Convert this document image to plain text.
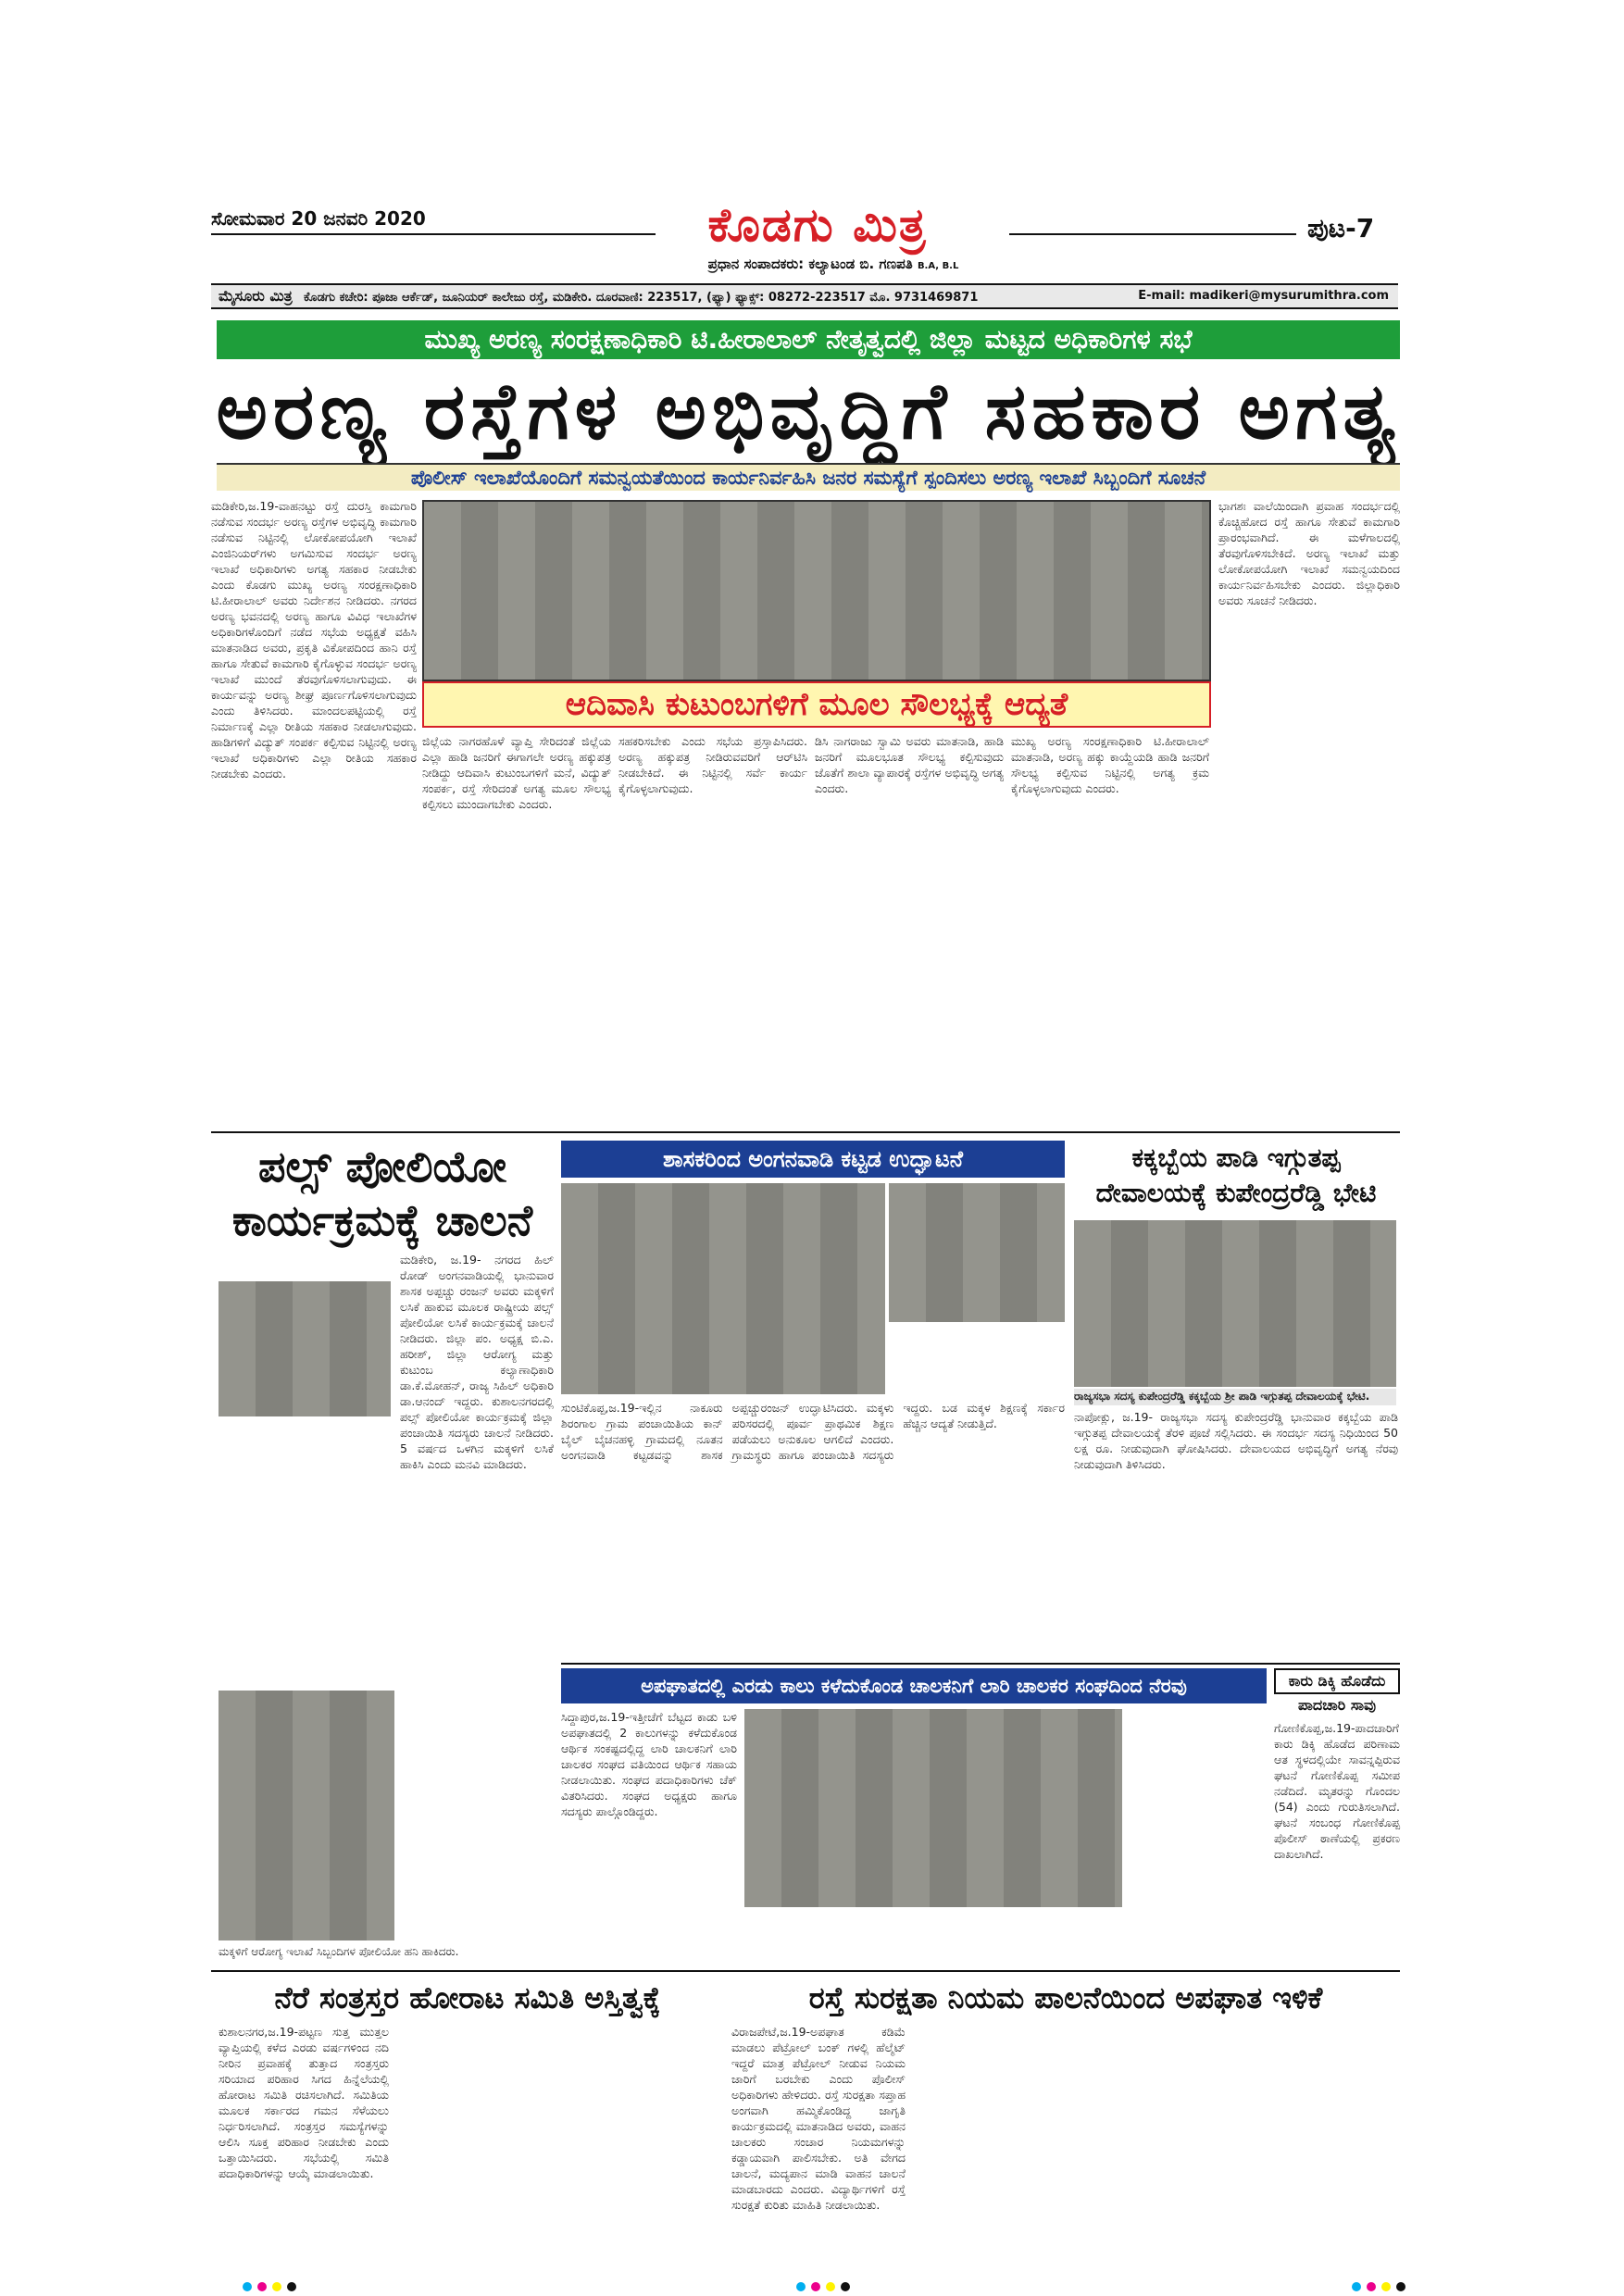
ಸೋಮವಾರ 20 ಜನವರಿ 2020	ಕೊಡಗು ಮಿತ್ರ	ಪುಟ-7
ಪ್ರಧಾನ ಸಂಪಾದಕರು: ಕಲ್ಯಾಟಂಡ ಬಿ. ಗಣಪತಿ B.A, B.L
ಮೈಸೂರು ಮಿತ್ರ ಕೊಡಗು ಕಚೇರಿ: ಪೂಜಾ ಆರ್ಕೆಡ್, ಜೂನಿಯರ್ ಕಾಲೇಜು ರಸ್ತೆ, ಮಡಿಕೇರಿ. ದೂರವಾಣಿ: 223517, (ಫ್ಯಾ) ಫ್ಯಾಕ್ಸ್: 08272-223517 ಮೊ. 9731469871	E-mail: madikeri@mysurumithra.com
ಮುಖ್ಯ ಅರಣ್ಯ ಸಂರಕ್ಷಣಾಧಿಕಾರಿ ಟಿ.ಹೀರಾಲಾಲ್ ನೇತೃತ್ವದಲ್ಲಿ ಜಿಲ್ಲಾ ಮಟ್ಟದ ಅಧಿಕಾರಿಗಳ ಸಭೆ
ಅರಣ್ಯ ರಸ್ತೆಗಳ ಅಭಿವೃದ್ಧಿಗೆ ಸಹಕಾರ ಅಗತ್ಯ
ಪೊಲೀಸ್ ಇಲಾಖೆಯೊಂದಿಗೆ ಸಮನ್ವಯತೆಯಿಂದ ಕಾರ್ಯನಿರ್ವಹಿಸಿ ಜನರ ಸಮಸ್ಯೆಗೆ ಸ್ಪಂದಿಸಲು ಅರಣ್ಯ ಇಲಾಖೆ ಸಿಬ್ಬಂದಿಗೆ ಸೂಚನೆ
ಮಡಿಕೇರಿ,ಜ.19-ವಾಹನಟ್ಟು ರಸ್ತೆ ದುರಸ್ತಿ ಕಾಮಗಾರಿ ನಡೆಸುವ ಸಂದರ್ಭ ಅರಣ್ಯ ರಸ್ತೆಗಳ ಅಭಿವೃದ್ಧಿ ಕಾಮಗಾರಿ ನಡೆಸುವ ನಿಟ್ಟಿನಲ್ಲಿ ಲೋಕೋಪಯೋಗಿ ಇಲಾಖೆ ಎಂಜಿನಿಯರ್‌ಗಳು ಅಗಮಿಸುವ ಸಂದರ್ಭ ಅರಣ್ಯ ಇಲಾಖೆ ಅಧಿಕಾರಿಗಳು ಅಗತ್ಯ ಸಹಕಾರ ನೀಡಬೇಕು ಎಂದು ಕೊಡಗು ಮುಖ್ಯ ಅರಣ್ಯ ಸಂರಕ್ಷಣಾಧಿಕಾರಿ ಟಿ.ಹೀರಾಲಾಲ್ ಅವರು ನಿರ್ದೇಶನ ನೀಡಿದರು. ನಗರದ ಅರಣ್ಯ ಭವನದಲ್ಲಿ ಅರಣ್ಯ ಹಾಗೂ ವಿವಿಧ ಇಲಾಖೆಗಳ ಅಧಿಕಾರಿಗಳೊಂದಿಗೆ ನಡೆದ ಸಭೆಯ ಅಧ್ಯಕ್ಷತೆ ವಹಿಸಿ ಮಾತನಾಡಿದ ಅವರು, ಪ್ರಕೃತಿ ವಿಕೋಪದಿಂದ ಹಾನಿ ರಸ್ತೆ ಹಾಗೂ ಸೇತುವೆ ಕಾಮಗಾರಿ ಕೈಗೊಳ್ಳುವ ಸಂದರ್ಭ ಅರಣ್ಯ ಇಲಾಖೆ ಮುಂದೆ ತೆರವುಗೊಳಿಸಲಾಗುವುದು. ಈ ಕಾರ್ಯವನ್ನು ಅರಣ್ಯ ಶೀಘ್ರ ಪೂರ್ಣಗೊಳಿಸಲಾಗುವುದು ಎಂದು ತಿಳಿಸಿದರು. ಮಾಂದಲಪಟ್ಟಿಯಲ್ಲಿ ರಸ್ತೆ ನಿರ್ಮಾಣಕ್ಕೆ ಎಲ್ಲಾ ರೀತಿಯ ಸಹಕಾರ ನೀಡಲಾಗುವುದು. ಹಾಡಿಗಳಿಗೆ ವಿದ್ಯುತ್ ಸಂಪರ್ಕ ಕಲ್ಪಿಸುವ ನಿಟ್ಟಿನಲ್ಲಿ ಅರಣ್ಯ ಇಲಾಖೆ ಅಧಿಕಾರಿಗಳು ಎಲ್ಲಾ ರೀತಿಯ ಸಹಕಾರ ನೀಡಬೇಕು ಎಂದರು.
ಭಾಗಶಃ ವಾಲೆಯಿಂದಾಗಿ ಪ್ರವಾಹ ಸಂದರ್ಭದಲ್ಲಿ ಕೊಚ್ಚಿಹೋದ ರಸ್ತೆ ಹಾಗೂ ಸೇತುವೆ ಕಾಮಗಾರಿ ಪ್ರಾರಂಭವಾಗಿದೆ. ಈ ಮಳೆಗಾಲದಲ್ಲಿ ತೆರವುಗೊಳಿಸಬೇಕಿದೆ. ಅರಣ್ಯ ಇಲಾಖೆ ಮತ್ತು ಲೋಕೋಪಯೋಗಿ ಇಲಾಖೆ ಸಮನ್ವಯದಿಂದ ಕಾರ್ಯನಿರ್ವಹಿಸಬೇಕು ಎಂದರು. ಜಿಲ್ಲಾಧಿಕಾರಿ ಅವರು ಸೂಚನೆ ನೀಡಿದರು.
ಆದಿವಾಸಿ ಕುಟುಂಬಗಳಿಗೆ ಮೂಲ ಸೌಲಭ್ಯಕ್ಕೆ ಆದ್ಯತೆ
ಜಿಲ್ಲೆಯ ನಾಗರಹೊಳೆ ವ್ಯಾಪ್ತಿ ಸೇರಿದಂತೆ ಜಿಲ್ಲೆಯ ಎಲ್ಲಾ ಹಾಡಿ ಜನರಿಗೆ ಈಗಾಗಲೇ ಅರಣ್ಯ ಹಕ್ಕುಪತ್ರ ನೀಡಿದ್ದು ಆದಿವಾಸಿ ಕುಟುಂಬಗಳಿಗೆ ಮನೆ, ವಿದ್ಯುತ್ ಸಂಪರ್ಕ, ರಸ್ತೆ ಸೇರಿದಂತೆ ಅಗತ್ಯ ಮೂಲ ಸೌಲಭ್ಯ ಕಲ್ಪಿಸಲು ಮುಂದಾಗಬೇಕು ಎಂದರು.
ಸಹಕರಿಸಬೇಕು ಎಂದು ಸಭೆಯ ಪ್ರಸ್ತಾಪಿಸಿದರು. ಅರಣ್ಯ ಹಕ್ಕುಪತ್ರ ನೀಡಿರುವವರಿಗೆ ಆರ್‌ಟಿಸಿ ನೀಡಬೇಕಿದೆ. ಈ ನಿಟ್ಟಿನಲ್ಲಿ ಸರ್ವೆ ಕಾರ್ಯ ಕೈಗೊಳ್ಳಲಾಗುವುದು.
ಡಿಸಿ ನಾಗರಾಜು ಸ್ವಾಮಿ ಅವರು ಮಾತನಾಡಿ, ಹಾಡಿ ಜನರಿಗೆ ಮೂಲಭೂತ ಸೌಲಭ್ಯ ಕಲ್ಪಿಸುವುದು ಜೊತೆಗೆ ಶಾಲಾ ವ್ಯಾಪಾರಕ್ಕೆ ರಸ್ತೆಗಳ ಅಭಿವೃದ್ಧಿ ಅಗತ್ಯ ಎಂದರು.
ಮುಖ್ಯ ಅರಣ್ಯ ಸಂರಕ್ಷಣಾಧಿಕಾರಿ ಟಿ.ಹೀರಾಲಾಲ್ ಮಾತನಾಡಿ, ಅರಣ್ಯ ಹಕ್ಕು ಕಾಯ್ದೆಯಡಿ ಹಾಡಿ ಜನರಿಗೆ ಸೌಲಭ್ಯ ಕಲ್ಪಿಸುವ ನಿಟ್ಟಿನಲ್ಲಿ ಅಗತ್ಯ ಕ್ರಮ ಕೈಗೊಳ್ಳಲಾಗುವುದು ಎಂದರು.
ಪಲ್ಸ್ ಪೋಲಿಯೋ
ಕಾರ್ಯಕ್ರಮಕ್ಕೆ ಚಾಲನೆ
ಮಡಿಕೇರಿ, ಜ.19- ನಗರದ ಹಿಲ್ ರೋಡ್ ಅಂಗನವಾಡಿಯಲ್ಲಿ ಭಾನುವಾರ ಶಾಸಕ ಅಪ್ಪಚ್ಚು ರಂಜನ್ ಅವರು ಮಕ್ಕಳಿಗೆ ಲಸಿಕೆ ಹಾಕುವ ಮೂಲಕ ರಾಷ್ಟ್ರೀಯ ಪಲ್ಸ್ ಪೋಲಿಯೋ ಲಸಿಕೆ ಕಾರ್ಯಕ್ರಮಕ್ಕೆ ಚಾಲನೆ ನೀಡಿದರು. ಜಿಲ್ಲಾ ಪಂ. ಅಧ್ಯಕ್ಷ ಬಿ.ಎ. ಹರೀಶ್, ಜಿಲ್ಲಾ ಆರೋಗ್ಯ ಮತ್ತು ಕುಟುಂಬ ಕಲ್ಯಾಣಾಧಿಕಾರಿ ಡಾ.ಕೆ.ಮೋಹನ್, ರಾಜ್ಯ ಸಿಹಿಲ್ ಅಧಿಕಾರಿ ಡಾ.ಆನಂದ್ ಇದ್ದರು. ಕುಶಾಲನಗರದಲ್ಲಿ ಪಲ್ಸ್ ಪೋಲಿಯೋ ಕಾರ್ಯಕ್ರಮಕ್ಕೆ ಜಿಲ್ಲಾ ಪಂಚಾಯಿತಿ ಸದಸ್ಯರು ಚಾಲನೆ ನೀಡಿದರು. 5 ವರ್ಷದ ಒಳಗಿನ ಮಕ್ಕಳಿಗೆ ಲಸಿಕೆ ಹಾಕಿಸಿ ಎಂದು ಮನವಿ ಮಾಡಿದರು.
ಮಕ್ಕಳಿಗೆ ಆರೋಗ್ಯ ಇಲಾಖೆ ಸಿಬ್ಬಂದಿಗಳ ಪೋಲಿಯೋ ಹನಿ ಹಾಕಿದರು.
ಶಾಸಕರಿಂದ ಅಂಗನವಾಡಿ ಕಟ್ಟಡ ಉದ್ಘಾಟನೆ
ಸುಂಟಿಕೊಪ್ಪ,ಜ.19-ಇಲ್ಲಿನ ನಾಕೂರು ಶಿರಂಗಾಲ ಗ್ರಾಮ ಪಂಚಾಯಿತಿಯ ಕಾನ್ ಬೈಲ್ ಬೈಚನಹಳ್ಳಿ ಗ್ರಾಮದಲ್ಲಿ ನೂತನ ಅಂಗನವಾಡಿ ಕಟ್ಟಡವನ್ನು ಶಾಸಕ ಅಪ್ಪಚ್ಚುರಂಜನ್ ಉದ್ಘಾಟಿಸಿದರು. ಮಕ್ಕಳು ಪರಿಸರದಲ್ಲಿ ಪೂರ್ವ ಪ್ರಾಥಮಿಕ ಶಿಕ್ಷಣ ಪಡೆಯಲು ಅನುಕೂಲ ಆಗಲಿದೆ ಎಂದರು. ಗ್ರಾಮಸ್ಥರು ಹಾಗೂ ಪಂಚಾಯಿತಿ ಸದಸ್ಯರು ಇದ್ದರು. ಬಡ ಮಕ್ಕಳ ಶಿಕ್ಷಣಕ್ಕೆ ಸರ್ಕಾರ ಹೆಚ್ಚಿನ ಆದ್ಯತೆ ನೀಡುತ್ತಿದೆ.
ಕಕ್ಕಬ್ಬೆಯ ಪಾಡಿ ಇಗ್ಗುತಪ್ಪ
ದೇವಾಲಯಕ್ಕೆ ಕುಪೇಂದ್ರರೆಡ್ಡಿ ಭೇಟಿ
ರಾಜ್ಯಸಭಾ ಸದಸ್ಯ ಕುಪೇಂದ್ರರೆಡ್ಡಿ ಕಕ್ಕಬ್ಬೆಯ ಶ್ರೀ ಪಾಡಿ ಇಗ್ಗುತಪ್ಪ ದೇವಾಲಯಕ್ಕೆ ಭೇಟಿ.
ನಾಪೋಕ್ಲು, ಜ.19- ರಾಜ್ಯಸಭಾ ಸದಸ್ಯ ಕುಪೇಂದ್ರರೆಡ್ಡಿ ಭಾನುವಾರ ಕಕ್ಕಬ್ಬೆಯ ಪಾಡಿ ಇಗ್ಗುತಪ್ಪ ದೇವಾಲಯಕ್ಕೆ ತೆರಳಿ ಪೂಜೆ ಸಲ್ಲಿಸಿದರು. ಈ ಸಂದರ್ಭ ಸದಸ್ಯ ನಿಧಿಯಿಂದ 50 ಲಕ್ಷ ರೂ. ನೀಡುವುದಾಗಿ ಘೋಷಿಸಿದರು. ದೇವಾಲಯದ ಅಭಿವೃದ್ಧಿಗೆ ಅಗತ್ಯ ನೆರವು ನೀಡುವುದಾಗಿ ತಿಳಿಸಿದರು.
ಅಪಘಾತದಲ್ಲಿ ಎರಡು ಕಾಲು ಕಳೆದುಕೊಂಡ ಚಾಲಕನಿಗೆ ಲಾರಿ ಚಾಲಕರ ಸಂಘದಿಂದ ನೆರವು
ಸಿದ್ದಾಪುರ,ಜ.19-ಇತ್ತೀಚೆಗೆ ಬೆಟ್ಟದ ಕಾಡು ಬಳಿ ಅಪಘಾತದಲ್ಲಿ 2 ಕಾಲುಗಳನ್ನು ಕಳೆದುಕೊಂಡ ಆರ್ಥಿಕ ಸಂಕಷ್ಟದಲ್ಲಿದ್ದ ಲಾರಿ ಚಾಲಕನಿಗೆ ಲಾರಿ ಚಾಲಕರ ಸಂಘದ ವತಿಯಿಂದ ಆರ್ಥಿಕ ಸಹಾಯ ನೀಡಲಾಯಿತು. ಸಂಘದ ಪದಾಧಿಕಾರಿಗಳು ಚೆಕ್ ವಿತರಿಸಿದರು. ಸಂಘದ ಅಧ್ಯಕ್ಷರು ಹಾಗೂ ಸದಸ್ಯರು ಪಾಲ್ಗೊಂಡಿದ್ದರು.
ಕಾರು ಡಿಕ್ಕಿ ಹೊಡೆದು
ಪಾದಚಾರಿ ಸಾವು
ಗೋಣಿಕೊಪ್ಪ,ಜ.19-ಪಾದಚಾರಿಗೆ ಕಾರು ಡಿಕ್ಕಿ ಹೊಡೆದ ಪರಿಣಾಮ ಆತ ಸ್ಥಳದಲ್ಲಿಯೇ ಸಾವನ್ನಪ್ಪಿರುವ ಘಟನೆ ಗೋಣಿಕೊಪ್ಪ ಸಮೀಪ ನಡೆದಿದೆ. ಮೃತರನ್ನು ಗೊಂದಲ (54) ಎಂದು ಗುರುತಿಸಲಾಗಿದೆ. ಘಟನೆ ಸಂಬಂಧ ಗೋಣಿಕೊಪ್ಪ ಪೊಲೀಸ್ ಠಾಣೆಯಲ್ಲಿ ಪ್ರಕರಣ ದಾಖಲಾಗಿದೆ.
ನೆರೆ ಸಂತ್ರಸ್ತರ ಹೋರಾಟ ಸಮಿತಿ ಅಸ್ತಿತ್ವಕ್ಕೆ
ಕುಶಾಲನಗರ,ಜ.19-ಪಟ್ಟಣ ಸುತ್ತ ಮುತ್ತಲ ವ್ಯಾಪ್ತಿಯಲ್ಲಿ ಕಳೆದ ಎರಡು ವರ್ಷಗಳಿಂದ ನದಿ ನೀರಿನ ಪ್ರವಾಹಕ್ಕೆ ತುತ್ತಾದ ಸಂತ್ರಸ್ತರು ಸರಿಯಾದ ಪರಿಹಾರ ಸಿಗದ ಹಿನ್ನೆಲೆಯಲ್ಲಿ ಹೋರಾಟ ಸಮಿತಿ ರಚಿಸಲಾಗಿದೆ. ಸಮಿತಿಯ ಮೂಲಕ ಸರ್ಕಾರದ ಗಮನ ಸೆಳೆಯಲು ನಿರ್ಧರಿಸಲಾಗಿದೆ. ಸಂತ್ರಸ್ತರ ಸಮಸ್ಯೆಗಳನ್ನು ಆಲಿಸಿ ಸೂಕ್ತ ಪರಿಹಾರ ನೀಡಬೇಕು ಎಂದು ಒತ್ತಾಯಿಸಿದರು. ಸಭೆಯಲ್ಲಿ ಸಮಿತಿ ಪದಾಧಿಕಾರಿಗಳನ್ನು ಆಯ್ಕೆ ಮಾಡಲಾಯಿತು.
ರಸ್ತೆ ಸುರಕ್ಷತಾ ನಿಯಮ ಪಾಲನೆಯಿಂದ ಅಪಘಾತ ಇಳಿಕೆ
ವಿರಾಜಪೇಟೆ,ಜ.19-ಅಪಘಾತ ಕಡಿಮೆ ಮಾಡಲು ಪೆಟ್ರೋಲ್ ಬಂಕ್ ಗಳಲ್ಲಿ ಹೆಲ್ಮೆಟ್ ಇದ್ದರೆ ಮಾತ್ರ ಪೆಟ್ರೋಲ್ ನೀಡುವ ನಿಯಮ ಜಾರಿಗೆ ಬರಬೇಕು ಎಂದು ಪೊಲೀಸ್ ಅಧಿಕಾರಿಗಳು ಹೇಳಿದರು. ರಸ್ತೆ ಸುರಕ್ಷತಾ ಸಪ್ತಾಹ ಅಂಗವಾಗಿ ಹಮ್ಮಿಕೊಂಡಿದ್ದ ಜಾಗೃತಿ ಕಾರ್ಯಕ್ರಮದಲ್ಲಿ ಮಾತನಾಡಿದ ಅವರು, ವಾಹನ ಚಾಲಕರು ಸಂಚಾರ ನಿಯಮಗಳನ್ನು ಕಡ್ಡಾಯವಾಗಿ ಪಾಲಿಸಬೇಕು. ಅತಿ ವೇಗದ ಚಾಲನೆ, ಮದ್ಯಪಾನ ಮಾಡಿ ವಾಹನ ಚಾಲನೆ ಮಾಡಬಾರದು ಎಂದರು. ವಿದ್ಯಾರ್ಥಿಗಳಿಗೆ ರಸ್ತೆ ಸುರಕ್ಷತೆ ಕುರಿತು ಮಾಹಿತಿ ನೀಡಲಾಯಿತು.
